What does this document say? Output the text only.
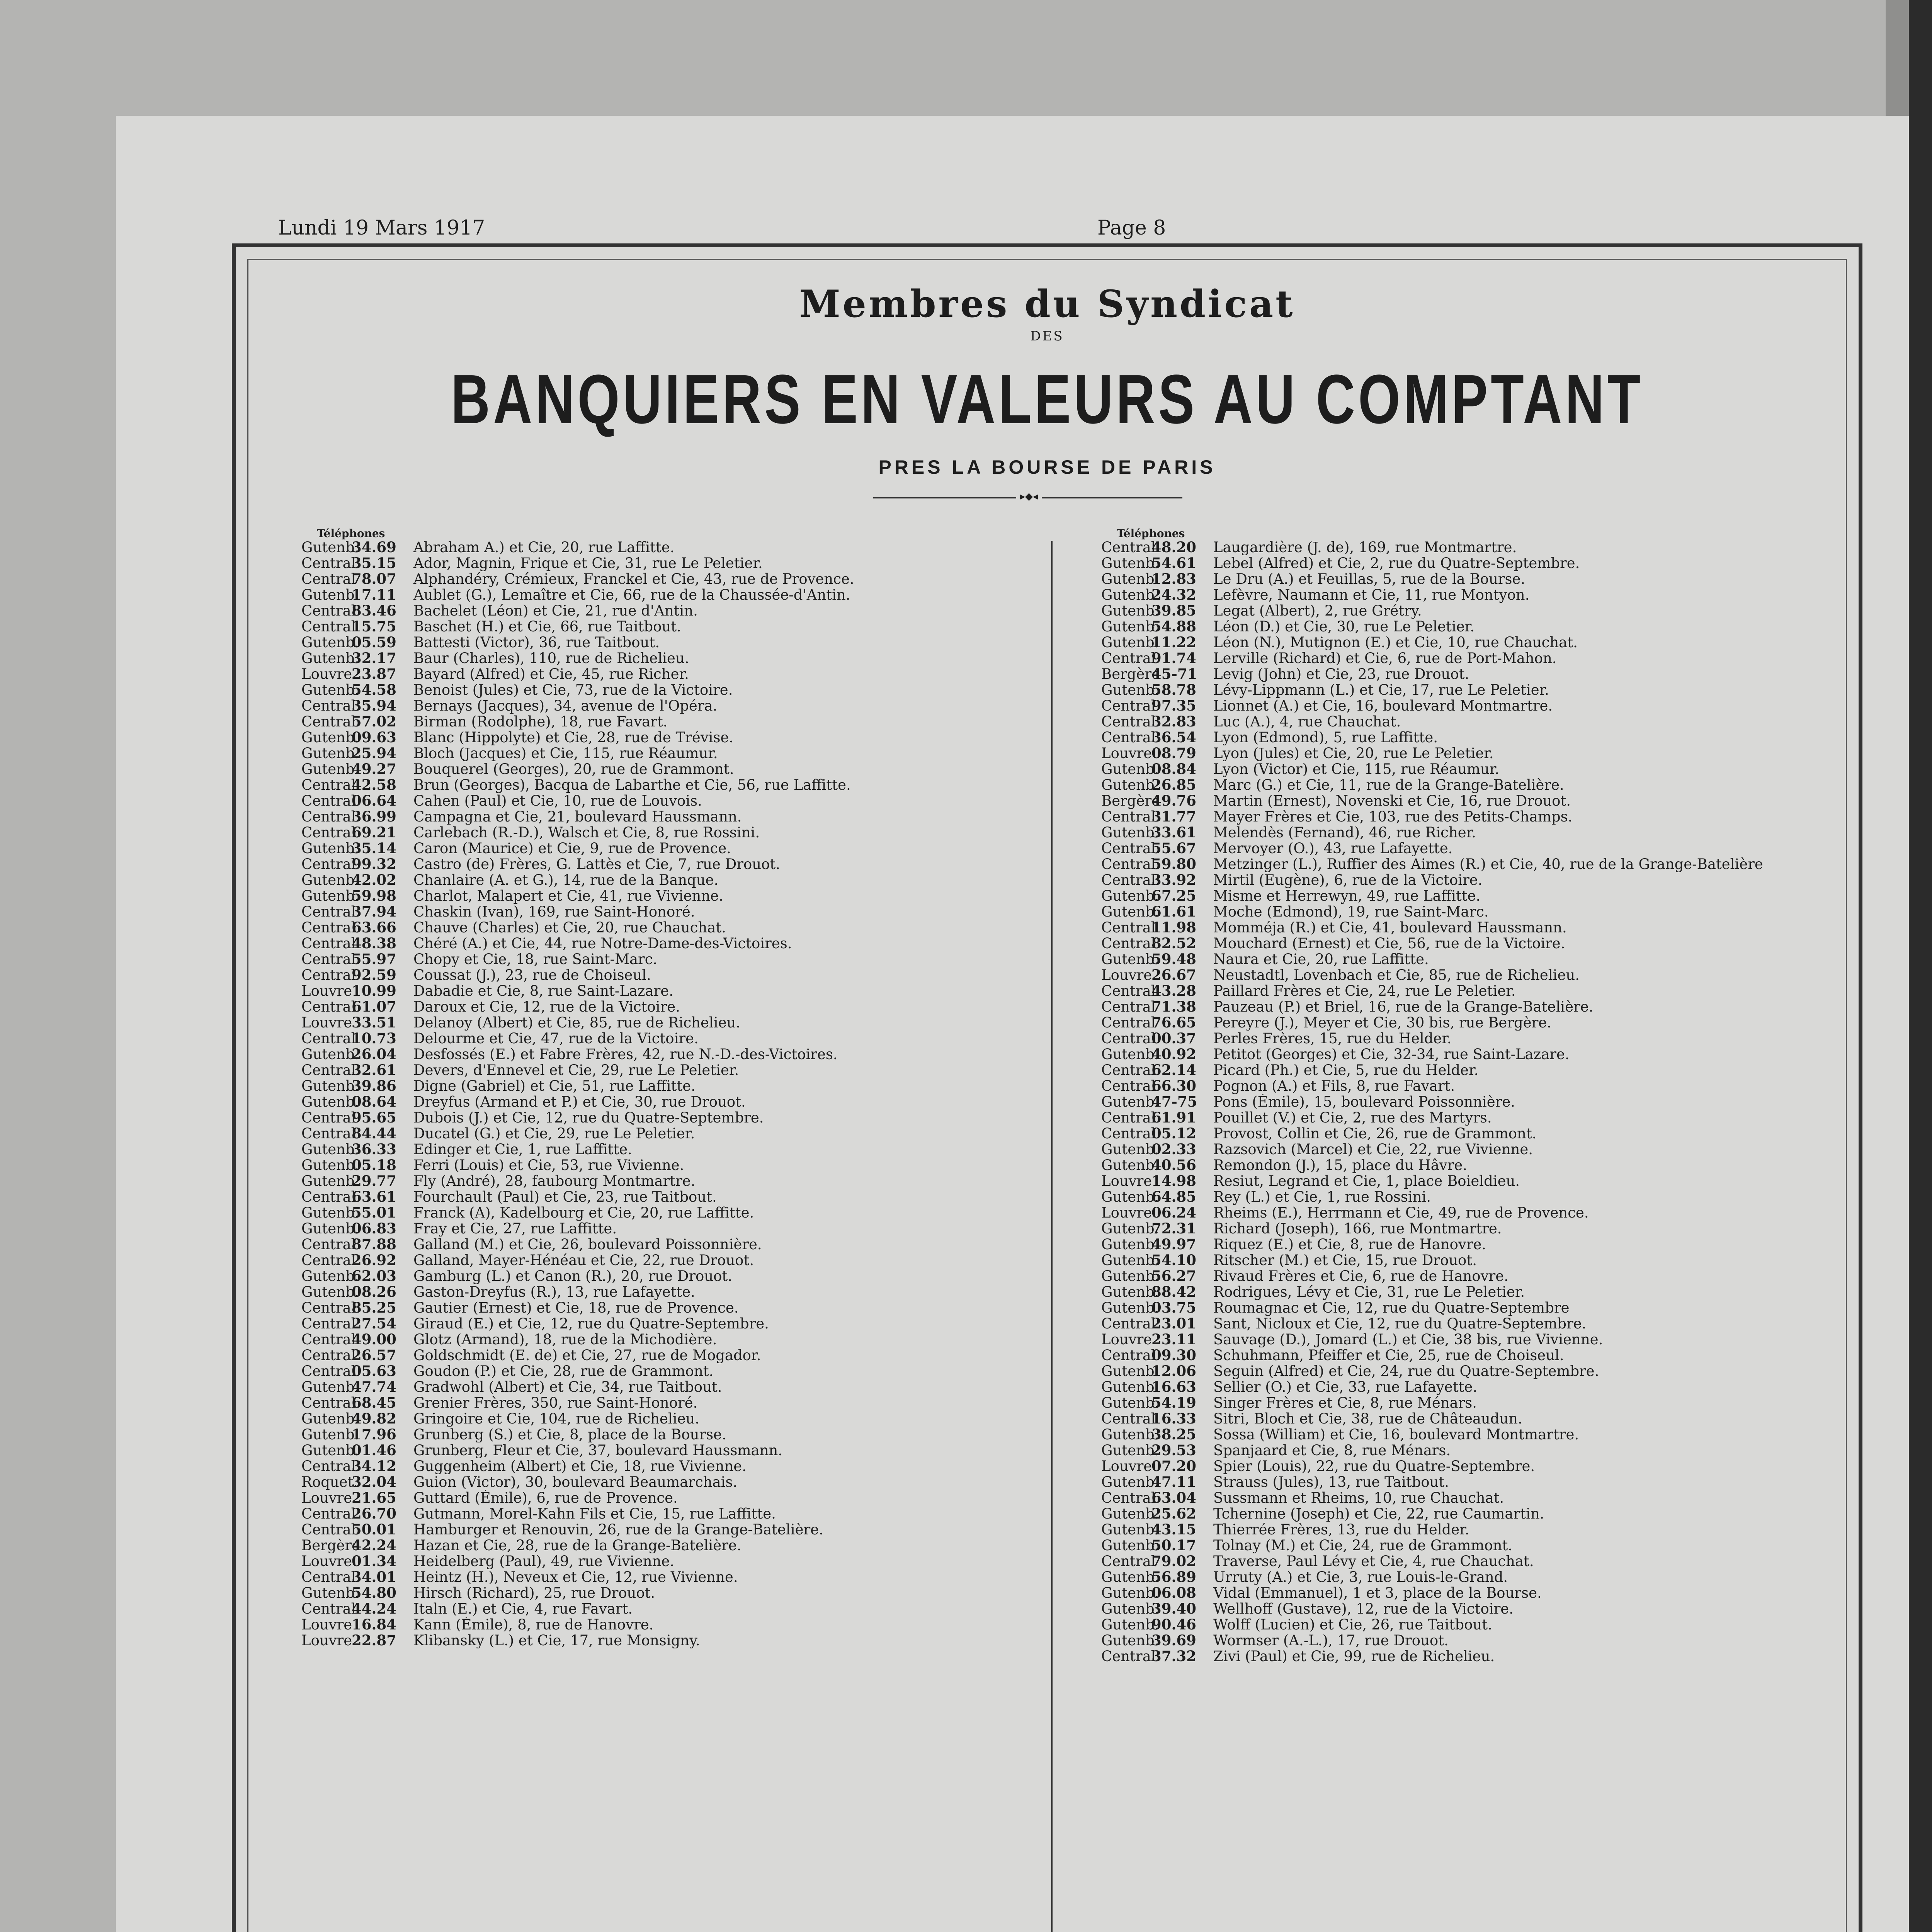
Lundi 19 Mars 1917	Page 8
Membres du Syndicat
DES
BANQUIERS EN VALEURS AU COMPTANT
PRES LA BOURSE DE PARIS
▸◆◂
Téléphones
Gutenb.34.69 Abraham A.) et Cie, 20, rue Laffitte.
Central35.15 Ador, Magnin, Frique et Cie, 31, rue Le Peletier.
Central78.07 Alphandéry, Crémieux, Franckel et Cie, 43, rue de Provence.
Gutenb.17.11 Aublet (G.), Lemaître et Cie, 66, rue de la Chaussée-d'Antin.
Central83.46 Bachelet (Léon) et Cie, 21, rue d'Antin.
Central15.75 Baschet (H.) et Cie, 66, rue Taitbout.
Gutenb.05.59 Battesti (Victor), 36, rue Taitbout.
Gutenb.32.17 Baur (Charles), 110, rue de Richelieu.
Louvre23.87 Bayard (Alfred) et Cie, 45, rue Richer.
Gutenb.54.58 Benoist (Jules) et Cie, 73, rue de la Victoire.
Central35.94 Bernays (Jacques), 34, avenue de l'Opéra.
Central57.02 Birman (Rodolphe), 18, rue Favart.
Gutenb.09.63 Blanc (Hippolyte) et Cie, 28, rue de Trévise.
Gutenb.25.94 Bloch (Jacques) et Cie, 115, rue Réaumur.
Gutenb.49.27 Bouquerel (Georges), 20, rue de Grammont.
Central42.58 Brun (Georges), Bacqua de Labarthe et Cie, 56, rue Laffitte.
Central06.64 Cahen (Paul) et Cie, 10, rue de Louvois.
Central36.99 Campagna et Cie, 21, boulevard Haussmann.
Central69.21 Carlebach (R.-D.), Walsch et Cie, 8, rue Rossini.
Gutenb.35.14 Caron (Maurice) et Cie, 9, rue de Provence.
Central99.32 Castro (de) Frères, G. Lattès et Cie, 7, rue Drouot.
Gutenb.42.02 Chanlaire (A. et G.), 14, rue de la Banque.
Gutenb.59.98 Charlot, Malapert et Cie, 41, rue Vivienne.
Central37.94 Chaskin (Ivan), 169, rue Saint-Honoré.
Central63.66 Chauve (Charles) et Cie, 20, rue Chauchat.
Central48.38 Chéré (A.) et Cie, 44, rue Notre-Dame-des-Victoires.
Central55.97 Chopy et Cie, 18, rue Saint-Marc.
Central92.59 Coussat (J.), 23, rue de Choiseul.
Louvre10.99 Dabadie et Cie, 8, rue Saint-Lazare.
Central61.07 Daroux et Cie, 12, rue de la Victoire.
Louvre33.51 Delanoy (Albert) et Cie, 85, rue de Richelieu.
Central10.73 Delourme et Cie, 47, rue de la Victoire.
Gutenb.26.04 Desfossés (E.) et Fabre Frères, 42, rue N.-D.-des-Victoires.
Central32.61 Devers, d'Ennevel et Cie, 29, rue Le Peletier.
Gutenb.39.86 Digne (Gabriel) et Cie, 51, rue Laffitte.
Gutenb.08.64 Dreyfus (Armand et P.) et Cie, 30, rue Drouot.
Central95.65 Dubois (J.) et Cie, 12, rue du Quatre-Septembre.
Central84.44 Ducatel (G.) et Cie, 29, rue Le Peletier.
Gutenb.36.33 Edinger et Cie, 1, rue Laffitte.
Gutenb.05.18 Ferri (Louis) et Cie, 53, rue Vivienne.
Gutenb.29.77 Fly (André), 28, faubourg Montmartre.
Central63.61 Fourchault (Paul) et Cie, 23, rue Taitbout.
Gutenb.55.01 Franck (A), Kadelbourg et Cie, 20, rue Laffitte.
Gutenb.06.83 Fray et Cie, 27, rue Laffitte.
Central87.88 Galland (M.) et Cie, 26, boulevard Poissonnière.
Central26.92 Galland, Mayer-Hénéau et Cie, 22, rue Drouot.
Gutenb.62.03 Gamburg (L.) et Canon (R.), 20, rue Drouot.
Gutenb.08.26 Gaston-Dreyfus (R.), 13, rue Lafayette.
Central85.25 Gautier (Ernest) et Cie, 18, rue de Provence.
Central27.54 Giraud (E.) et Cie, 12, rue du Quatre-Septembre.
Central49.00 Glotz (Armand), 18, rue de la Michodière.
Central26.57 Goldschmidt (E. de) et Cie, 27, rue de Mogador.
Central05.63 Goudon (P.) et Cie, 28, rue de Grammont.
Gutenb.47.74 Gradwohl (Albert) et Cie, 34, rue Taitbout.
Central68.45 Grenier Frères, 350, rue Saint-Honoré.
Gutenb.49.82 Gringoire et Cie, 104, rue de Richelieu.
Gutenb.17.96 Grunberg (S.) et Cie, 8, place de la Bourse.
Gutenb.01.46 Grunberg, Fleur et Cie, 37, boulevard Haussmann.
Central34.12 Guggenheim (Albert) et Cie, 18, rue Vivienne.
Roquet.32.04 Guion (Victor), 30, boulevard Beaumarchais.
Louvre21.65 Guttard (Émile), 6, rue de Provence.
Central26.70 Gutmann, Morel-Kahn Fils et Cie, 15, rue Laffitte.
Central50.01 Hamburger et Renouvin, 26, rue de la Grange-Batelière.
Bergère42.24 Hazan et Cie, 28, rue de la Grange-Batelière.
Louvre01.34 Heidelberg (Paul), 49, rue Vivienne.
Central34.01 Heintz (H.), Neveux et Cie, 12, rue Vivienne.
Gutenb.54.80 Hirsch (Richard), 25, rue Drouot.
Central44.24 Italn (E.) et Cie, 4, rue Favart.
Louvre16.84 Kann (Émile), 8, rue de Hanovre.
Louvre22.87 Klibansky (L.) et Cie, 17, rue Monsigny.
Téléphones
Central48.20 Laugardière (J. de), 169, rue Montmartre.
Gutenb.54.61 Lebel (Alfred) et Cie, 2, rue du Quatre-Septembre.
Gutenb.12.83 Le Dru (A.) et Feuillas, 5, rue de la Bourse.
Gutenb.24.32 Lefèvre, Naumann et Cie, 11, rue Montyon.
Gutenb.39.85 Legat (Albert), 2, rue Grétry.
Gutenb.54.88 Léon (D.) et Cie, 30, rue Le Peletier.
Gutenb.11.22 Léon (N.), Mutignon (E.) et Cie, 10, rue Chauchat.
Central91.74 Lerville (Richard) et Cie, 6, rue de Port-Mahon.
Bergère45-71 Levig (John) et Cie, 23, rue Drouot.
Gutenb.58.78 Lévy-Lippmann (L.) et Cie, 17, rue Le Peletier.
Central97.35 Lionnet (A.) et Cie, 16, boulevard Montmartre.
Central32.83 Luc (A.), 4, rue Chauchat.
Central36.54 Lyon (Edmond), 5, rue Laffitte.
Louvre08.79 Lyon (Jules) et Cie, 20, rue Le Peletier.
Gutenb.08.84 Lyon (Victor) et Cie, 115, rue Réaumur.
Gutenb.26.85 Marc (G.) et Cie, 11, rue de la Grange-Batelière.
Bergère49.76 Martin (Ernest), Novenski et Cie, 16, rue Drouot.
Central31.77 Mayer Frères et Cie, 103, rue des Petits-Champs.
Gutenb.33.61 Melendès (Fernand), 46, rue Richer.
Central55.67 Mervoyer (O.), 43, rue Lafayette.
Central59.80 Metzinger (L.), Ruffier des Aimes (R.) et Cie, 40, rue de la Grange-Batelière
Central33.92 Mirtil (Eugène), 6, rue de la Victoire.
Gutenb.67.25 Misme et Herrewyn, 49, rue Laffitte.
Gutenb.61.61 Moche (Edmond), 19, rue Saint-Marc.
Central11.98 Momméja (R.) et Cie, 41, boulevard Haussmann.
Central82.52 Mouchard (Ernest) et Cie, 56, rue de la Victoire.
Gutenb.59.48 Naura et Cie, 20, rue Laffitte.
Louvre26.67 Neustadtl, Lovenbach et Cie, 85, rue de Richelieu.
Central43.28 Paillard Frères et Cie, 24, rue Le Peletier.
Central71.38 Pauzeau (P.) et Briel, 16, rue de la Grange-Batelière.
Central76.65 Pereyre (J.), Meyer et Cie, 30 bis, rue Bergère.
Central00.37 Perles Frères, 15, rue du Helder.
Gutenb.40.92 Petitot (Georges) et Cie, 32-34, rue Saint-Lazare.
Central62.14 Picard (Ph.) et Cie, 5, rue du Helder.
Central66.30 Pognon (A.) et Fils, 8, rue Favart.
Gutenb.47-75 Pons (Émile), 15, boulevard Poissonnière.
Central61.91 Pouillet (V.) et Cie, 2, rue des Martyrs.
Central05.12 Provost, Collin et Cie, 26, rue de Grammont.
Gutenb.02.33 Razsovich (Marcel) et Cie, 22, rue Vivienne.
Gutenb.40.56 Remondon (J.), 15, place du Hâvre.
Louvre14.98 Resiut, Legrand et Cie, 1, place Boieldieu.
Gutenb.64.85 Rey (L.) et Cie, 1, rue Rossini.
Louvre06.24 Rheims (E.), Herrmann et Cie, 49, rue de Provence.
Gutenb.72.31 Richard (Joseph), 166, rue Montmartre.
Gutenb.49.97 Riquez (E.) et Cie, 8, rue de Hanovre.
Gutenb.54.10 Ritscher (M.) et Cie, 15, rue Drouot.
Gutenb.56.27 Rivaud Frères et Cie, 6, rue de Hanovre.
Gutenb.88.42 Rodrigues, Lévy et Cie, 31, rue Le Peletier.
Gutenb.03.75 Roumagnac et Cie, 12, rue du Quatre-Septembre
Central23.01 Sant, Nicloux et Cie, 12, rue du Quatre-Septembre.
Louvre23.11 Sauvage (D.), Jomard (L.) et Cie, 38 bis, rue Vivienne.
Central09.30 Schuhmann, Pfeiffer et Cie, 25, rue de Choiseul.
Gutenb.12.06 Seguin (Alfred) et Cie, 24, rue du Quatre-Septembre.
Gutenb.16.63 Sellier (O.) et Cie, 33, rue Lafayette.
Gutenb.54.19 Singer Frères et Cie, 8, rue Ménars.
Central16.33 Sitri, Bloch et Cie, 38, rue de Châteaudun.
Gutenb.38.25 Sossa (William) et Cie, 16, boulevard Montmartre.
Gutenb.29.53 Spanjaard et Cie, 8, rue Ménars.
Louvre07.20 Spier (Louis), 22, rue du Quatre-Septembre.
Gutenb.47.11 Strauss (Jules), 13, rue Taitbout.
Central63.04 Sussmann et Rheims, 10, rue Chauchat.
Gutenb.25.62 Tchernine (Joseph) et Cie, 22, rue Caumartin.
Gutenb.43.15 Thierrée Frères, 13, rue du Helder.
Gutenb.50.17 Tolnay (M.) et Cie, 24, rue de Grammont.
Central79.02 Traverse, Paul Lévy et Cie, 4, rue Chauchat.
Gutenb.56.89 Urruty (A.) et Cie, 3, rue Louis-le-Grand.
Gutenb.06.08 Vidal (Emmanuel), 1 et 3, place de la Bourse.
Gutenb.39.40 Wellhoff (Gustave), 12, rue de la Victoire.
Gutenb.90.46 Wolff (Lucien) et Cie, 26, rue Taitbout.
Gutenb.39.69 Wormser (A.-L.), 17, rue Drouot.
Central37.32 Zivi (Paul) et Cie, 99, rue de Richelieu.
